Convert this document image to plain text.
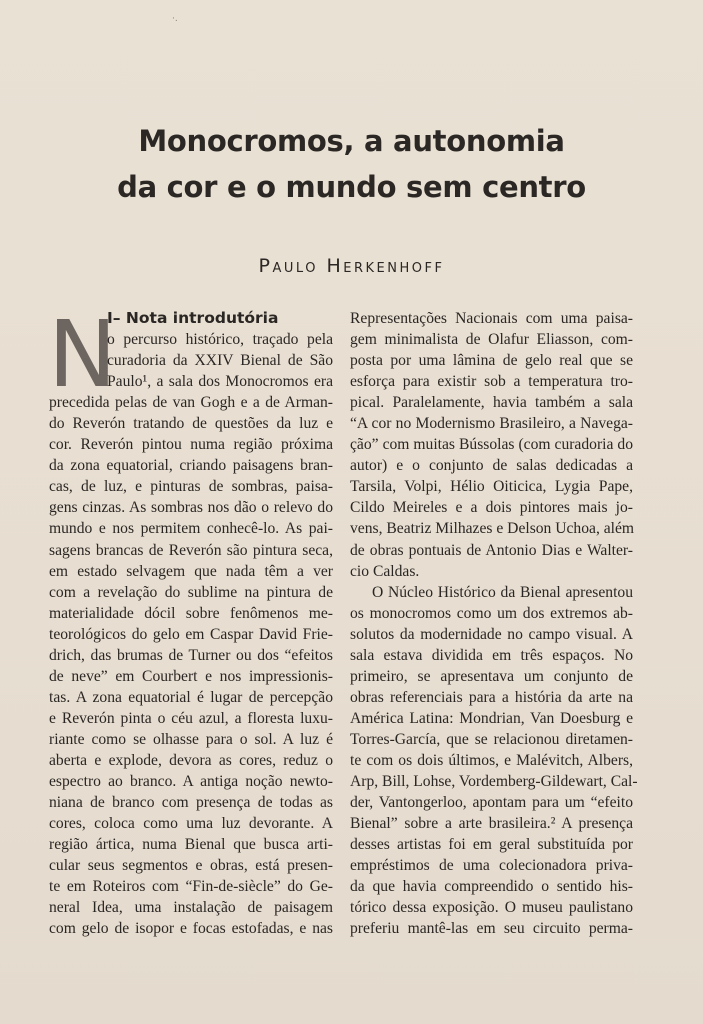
·.
Monocromos, a autonomia
da cor e o mundo sem centro
Paulo Herkenhoff
N
I– Nota introdutória
o percurso histórico, traçado pela
curadoria da XXIV Bienal de São
Paulo¹, a sala dos Monocromos era
precedida pelas de van Gogh e a de Arman-
do Reverón tratando de questões da luz e
cor. Reverón pintou numa região próxima
da zona equatorial, criando paisagens bran-
cas, de luz, e pinturas de sombras, paisa-
gens cinzas. As sombras nos dão o relevo do
mundo e nos permitem conhecê-lo. As pai-
sagens brancas de Reverón são pintura seca,
em estado selvagem que nada têm a ver
com a revelação do sublime na pintura de
materialidade dócil sobre fenômenos me-
teorológicos do gelo em Caspar David Frie-
drich, das brumas de Turner ou dos “efeitos
de neve” em Courbert e nos impressionis-
tas. A zona equatorial é lugar de percepção
e Reverón pinta o céu azul, a floresta luxu-
riante como se olhasse para o sol. A luz é
aberta e explode, devora as cores, reduz o
espectro ao branco. A antiga noção newto-
niana de branco com presença de todas as
cores, coloca como uma luz devorante. A
região ártica, numa Bienal que busca arti-
cular seus segmentos e obras, está presen-
te em Roteiros com “Fin-de-siècle” do Ge-
neral Idea, uma instalação de paisagem
com gelo de isopor e focas estofadas, e nas
Representações Nacionais com uma paisa-
gem minimalista de Olafur Eliasson, com-
posta por uma lâmina de gelo real que se
esforça para existir sob a temperatura tro-
pical. Paralelamente, havia também a sala
“A cor no Modernismo Brasileiro, a Navega-
ção” com muitas Bússolas (com curadoria do
autor) e o conjunto de salas dedicadas a
Tarsila, Volpi, Hélio Oiticica, Lygia Pape,
Cildo Meireles e a dois pintores mais jo-
vens, Beatriz Milhazes e Delson Uchoa, além
de obras pontuais de Antonio Dias e Walter-
cio Caldas.
O Núcleo Histórico da Bienal apresentou
os monocromos como um dos extremos ab-
solutos da modernidade no campo visual. A
sala estava dividida em três espaços. No
primeiro, se apresentava um conjunto de
obras referenciais para a história da arte na
América Latina: Mondrian, Van Doesburg e
Torres-García, que se relacionou diretamen-
te com os dois últimos, e Malévitch, Albers,
Arp, Bill, Lohse, Vordemberg-Gildewart, Cal-
der, Vantongerloo, apontam para um “efeito
Bienal” sobre a arte brasileira.² A presença
desses artistas foi em geral substituída por
empréstimos de uma colecionadora priva-
da que havia compreendido o sentido his-
tórico dessa exposição. O museu paulistano
preferiu mantê-las em seu circuito perma-
